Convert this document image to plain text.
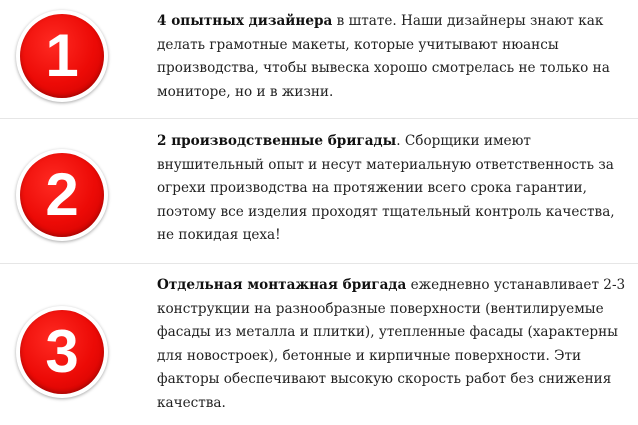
1

4 опытных дизайнера в штате. Наши дизайнеры знают как делать грамотные макеты, которые учитывают нюансы производства, чтобы вывеска хорошо смотрелась не только на мониторе, но и в жизни.

2

2 производственные бригады. Сборщики имеют внушительный опыт и несут материальную ответственность за огрехи производства на протяжении всего срока гарантии, поэтому все изделия проходят тщательный контроль качества, не покидая цеха!

3

Отдельная монтажная бригада ежедневно устанавливает 2-3 конструкции на разнообразные поверхности (вентилируемые фасады из металла и плитки), утепленные фасады (характерны для новостроек), бетонные и кирпичные поверхности. Эти факторы обеспечивают высокую скорость работ без снижения качества.
